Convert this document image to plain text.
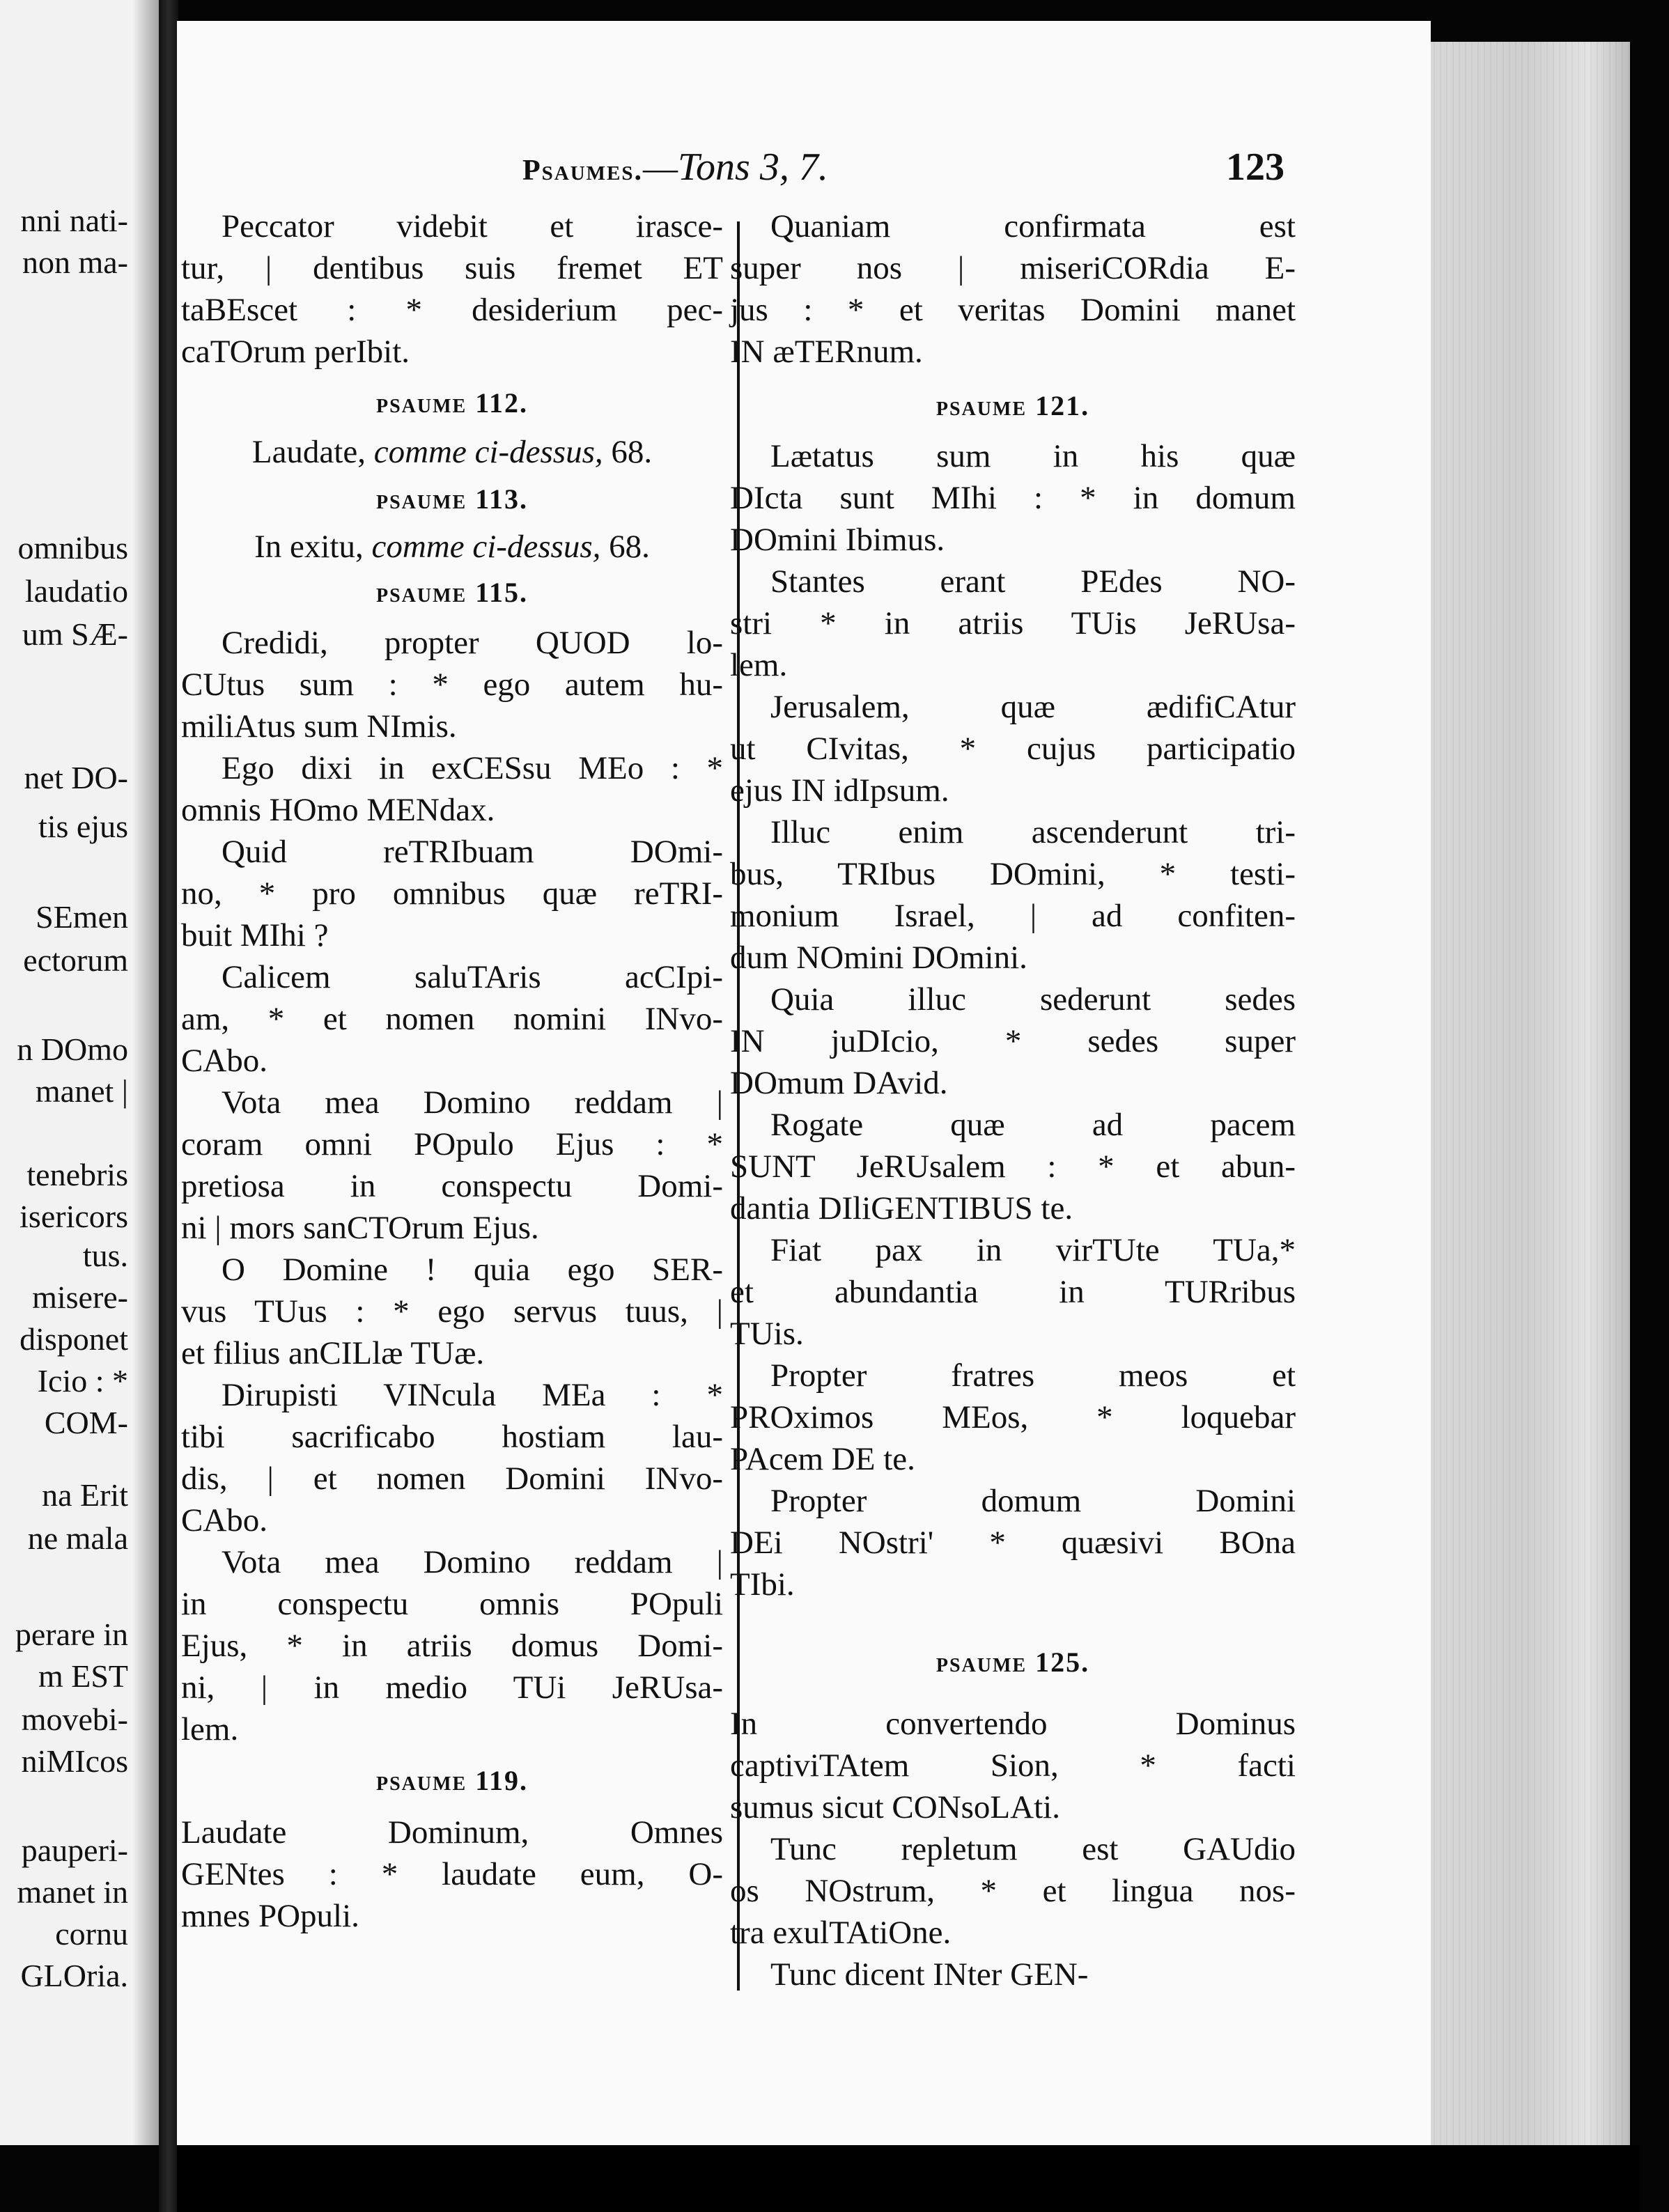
nni nati-

non ma-

omnibus

laudatio

um SÆ-

net DO-

tis ejus

SEmen

ectorum

n DOmo

manet |

tenebris

isericors

tus.

misere-

disponet

Icio : *

COM-

na Erit

ne mala

perare in

m EST

movebi-

niMIcos

pauperi-

manet in

cornu

GLOria.

Psaumes.—Tons 3, 7.	123

Peccator videbit et irasce-
tur, | dentibus suis fremet ET
taBEscet : * desiderium pec-
caTOrum perIbit.

psaume 112.

Laudate, comme ci-dessus, 68.

psaume 113.

In exitu, comme ci-dessus, 68.

psaume 115.

Credidi, propter QUOD lo-
CUtus sum : * ego autem hu-
miliAtus sum NImis.
Ego dixi in exCESsu MEo : *
omnis HOmo MENdax.
Quid reTRIbuam DOmi-
no, * pro omnibus quæ reTRI-
buit MIhi ?
Calicem saluTAris acCIpi-
am, * et nomen nomini INvo-
CAbo.
Vota mea Domino reddam |
coram omni POpulo Ejus : *
pretiosa in conspectu Domi-
ni | mors sanCTOrum Ejus.
O Domine ! quia ego SER-
vus TUus : * ego servus tuus, |
et filius anCILlæ TUæ.
Dirupisti VINcula MEa : *
tibi sacrificabo hostiam lau-
dis, | et nomen Domini INvo-
CAbo.
Vota mea Domino reddam |
in conspectu omnis POpuli
Ejus, * in atriis domus Domi-
ni, | in medio TUi JeRUsa-
lem.

psaume 119.

Laudate Dominum, Omnes
GENtes : * laudate eum, O-
mnes POpuli.
Quaniam confirmata est
super nos | miseriCORdia E-
jus : * et veritas Domini manet
IN æTERnum.

psaume 121.

Lætatus sum in his quæ
DIcta sunt MIhi : * in domum
DOmini Ibimus.
Stantes erant PEdes NO-
stri * in atriis TUis JeRUsa-
lem.
Jerusalem, quæ ædifiCAtur
ut CIvitas, * cujus participatio
ejus IN idIpsum.
Illuc enim ascenderunt tri-
bus, TRIbus DOmini, * testi-
monium Israel, | ad confiten-
dum NOmini DOmini.
Quia illuc sederunt sedes
IN juDIcio, * sedes super
DOmum DAvid.
Rogate quæ ad pacem
SUNT JeRUsalem : * et abun-
dantia DIliGENTIBUS te.
Fiat pax in virTUte TUa,*
et abundantia in TURribus
TUis.
Propter fratres meos et
PROximos MEos, * loquebar
PAcem DE te.
Propter domum Domini
DEi NOstri' * quæsivi BOna
TIbi.

psaume 125.

In convertendo Dominus
captiviTAtem Sion, * facti
sumus sicut CONsoLAti.
Tunc repletum est GAUdio
os NOstrum, * et lingua nos-
tra exulTAtiOne.
Tunc dicent INter GEN-
